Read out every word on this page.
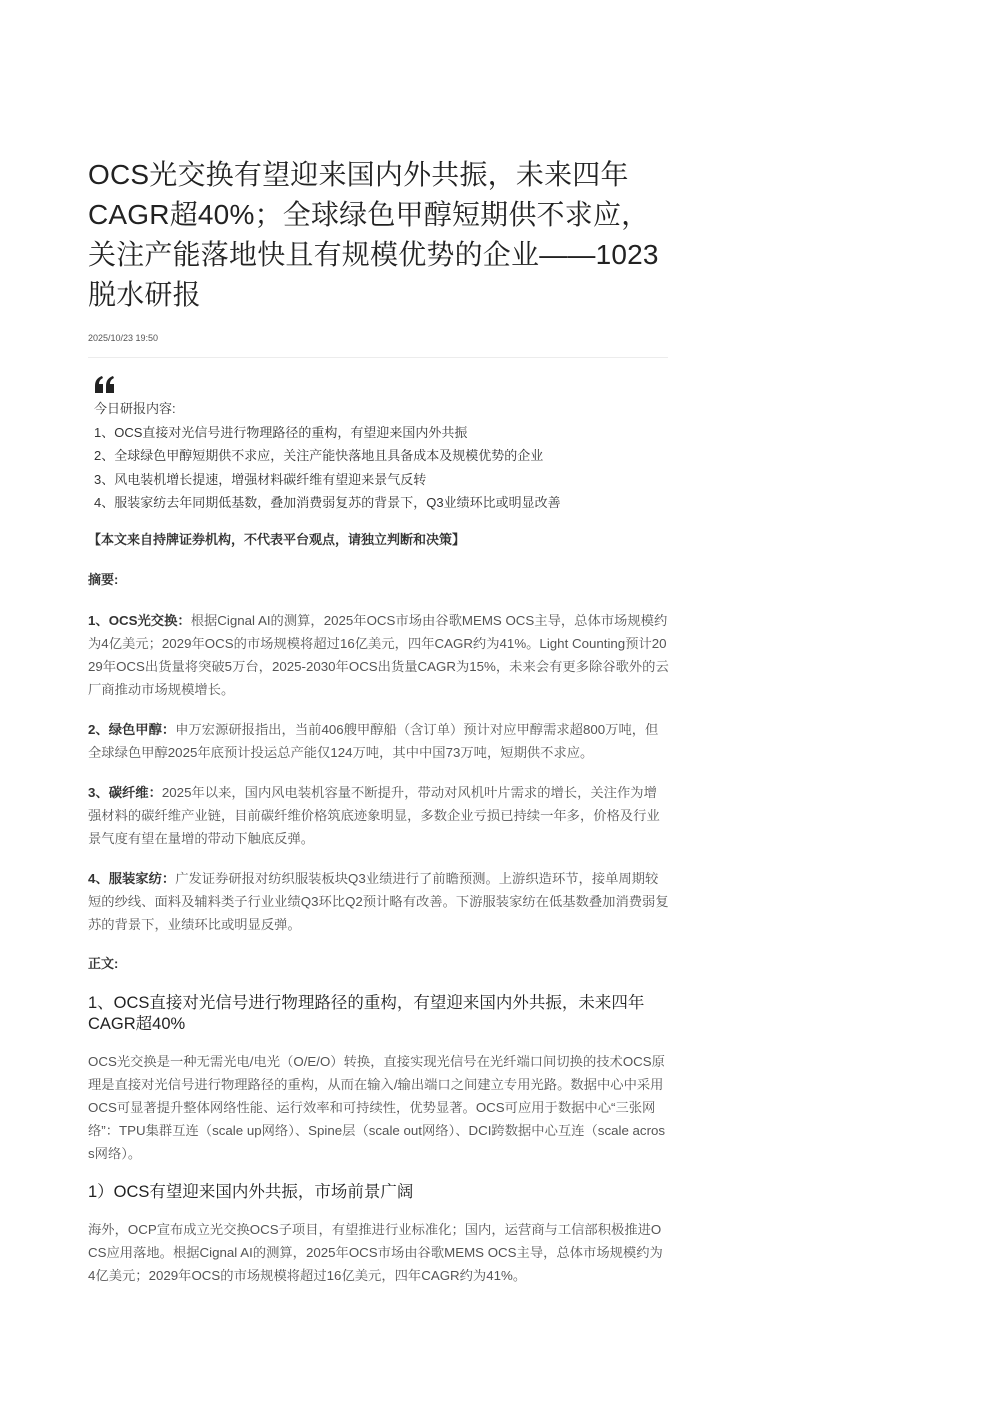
OCS光交换有望迎来国内外共振，未来四年CAGR超40%；全球绿色甲醇短期供不求应，关注产能落地快且有规模优势的企业——1023脱水研报
2025/10/23 19:50
今日研报内容:
1、OCS直接对光信号进行物理路径的重构，有望迎来国内外共振
2、全球绿色甲醇短期供不求应，关注产能快落地且具备成本及规模优势的企业
3、风电装机增长提速，增强材料碳纤维有望迎来景气反转
4、服装家纺去年同期低基数，叠加消费弱复苏的背景下，Q3业绩环比或明显改善
【本文来自持牌证券机构，不代表平台观点，请独立判断和决策】
摘要:

1、OCS光交换：根据Cignal AI的测算，2025年OCS市场由谷歌MEMS OCS主导，总体市场规模约为4亿美元；2029年OCS的市场规模将超过16亿美元，四年CAGR约为41%。Light Counting预计2029年OCS出货量将突破5万台，2025-2030年OCS出货量CAGR为15%，未来会有更多除谷歌外的云厂商推动市场规模增长。

2、绿色甲醇：申万宏源研报指出，当前406艘甲醇船（含订单）预计对应甲醇需求超800万吨，但全球绿色甲醇2025年底预计投运总产能仅124万吨，其中中国73万吨，短期供不求应。

3、碳纤维：2025年以来，国内风电装机容量不断提升，带动对风机叶片需求的增长，关注作为增强材料的碳纤维产业链，目前碳纤维价格筑底迹象明显，多数企业亏损已持续一年多，价格及行业景气度有望在量增的带动下触底反弹。

4、服装家纺：广发证券研报对纺织服装板块Q3业绩进行了前瞻预测。上游织造环节，接单周期较短的纱线、面料及辅料类子行业业绩Q3环比Q2预计略有改善。下游服装家纺在低基数叠加消费弱复苏的背景下，业绩环比或明显反弹。

正文:
1、OCS直接对光信号进行物理路径的重构，有望迎来国内外共振，未来四年CAGR超40%

OCS光交换是一种无需光电/电光（O/E/O）转换，直接实现光信号在光纤端口间切换的技术OCS原理是直接对光信号进行物理路径的重构，从而在输入/输出端口之间建立专用光路。数据中心中采用OCS可显著提升整体网络性能、运行效率和可持续性，优势显著。OCS可应用于数据中心“三张网络”：TPU集群互连（scale up网络）、Spine层（scale out网络）、DCI跨数据中心互连（scale across网络）。

1）OCS有望迎来国内外共振，市场前景广阔

海外，OCP宣布成立光交换OCS子项目，有望推进行业标准化；国内，运营商与工信部积极推进OCS应用落地。根据Cignal AI的测算，2025年OCS市场由谷歌MEMS OCS主导，总体市场规模约为4亿美元；2029年OCS的市场规模将超过16亿美元，四年CAGR约为41%。
